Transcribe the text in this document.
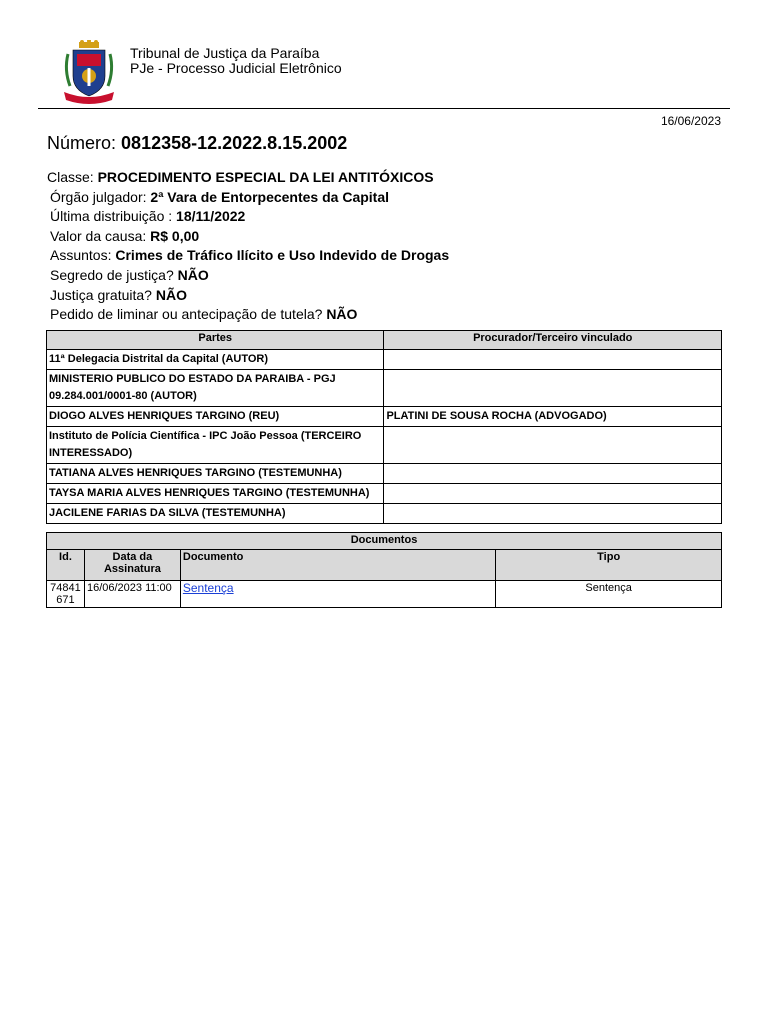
Tribunal de Justiça da Paraíba
PJe - Processo Judicial Eletrônico
16/06/2023
Número: 0812358-12.2022.8.15.2002
Classe: PROCEDIMENTO ESPECIAL DA LEI ANTITÓXICOS
Órgão julgador: 2ª Vara de Entorpecentes da Capital
Última distribuição : 18/11/2022
Valor da causa: R$ 0,00
Assuntos: Crimes de Tráfico Ilícito e Uso Indevido de Drogas
Segredo de justiça? NÃO
Justiça gratuita? NÃO
Pedido de liminar ou antecipação de tutela? NÃO
Partes	Procurador/Terceiro vinculado
11ª Delegacia Distrital da Capital (AUTOR)	
MINISTERIO PUBLICO DO ESTADO DA PARAIBA - PGJ 09.284.001/0001-80 (AUTOR)	
DIOGO ALVES HENRIQUES TARGINO (REU)	PLATINI DE SOUSA ROCHA (ADVOGADO)
Instituto de Polícia Científica - IPC João Pessoa (TERCEIRO INTERESSADO)	
TATIANA ALVES HENRIQUES TARGINO (TESTEMUNHA)	
TAYSA MARIA ALVES HENRIQUES TARGINO (TESTEMUNHA)	
JACILENE FARIAS DA SILVA (TESTEMUNHA)	
Documentos			
Id.	Data da Assinatura	Documento	Tipo
74841671	16/06/2023 11:00	Sentença	Sentença
